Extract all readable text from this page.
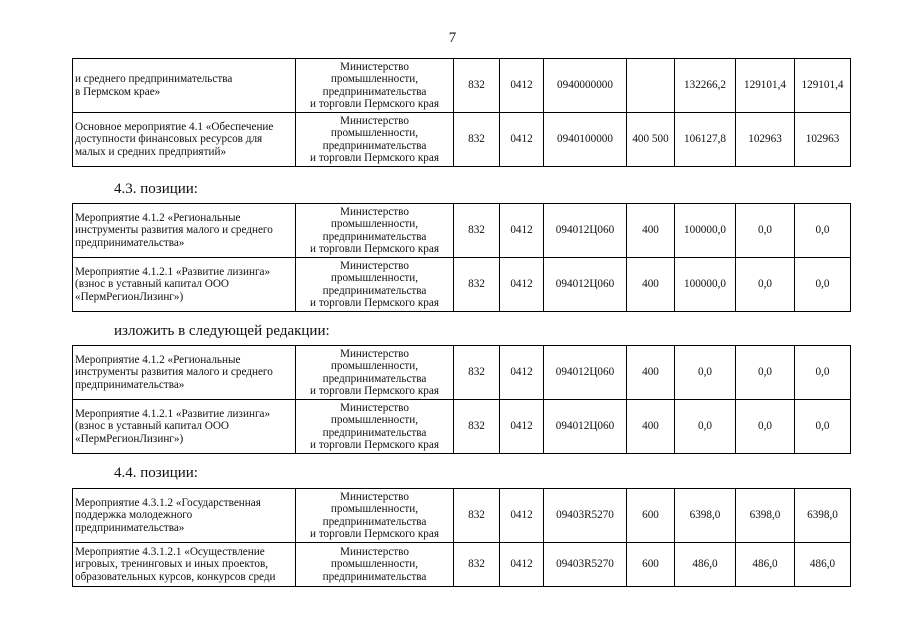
7
и среднего предпринимательства
в Пермском крае»	Министерство
промышленности,
предпринимательства
и торговли Пермского края	832	0412	0940000000		132266,2	129101,4	129101,4
Основное мероприятие 4.1 «Обеспечение доступности финансовых ресурсов для малых и средних предприятий»	Министерство
промышленности,
предпринимательства
и торговли Пермского края	832	0412	0940100000	400 500	106127,8	102963	102963
4.3. позиции:
Мероприятие 4.1.2 «Региональные инструменты развития малого и среднего предпринимательства»	Министерство
промышленности,
предпринимательства
и торговли Пермского края	832	0412	094012Ц060	400	100000,0	0,0	0,0
Мероприятие 4.1.2.1 «Развитие лизинга» (взнос в уставный капитал ООО «ПермРегионЛизинг»)	Министерство
промышленности,
предпринимательства
и торговли Пермского края	832	0412	094012Ц060	400	100000,0	0,0	0,0
изложить в следующей редакции:
Мероприятие 4.1.2 «Региональные инструменты развития малого и среднего предпринимательства»	Министерство
промышленности,
предпринимательства
и торговли Пермского края	832	0412	094012Ц060	400	0,0	0,0	0,0
Мероприятие 4.1.2.1 «Развитие лизинга» (взнос в уставный капитал ООО «ПермРегионЛизинг»)	Министерство
промышленности,
предпринимательства
и торговли Пермского края	832	0412	094012Ц060	400	0,0	0,0	0,0
4.4. позиции:
Мероприятие 4.3.1.2 «Государственная поддержка молодежного предпринимательства»	Министерство
промышленности,
предпринимательства
и торговли Пермского края	832	0412	09403R5270	600	6398,0	6398,0	6398,0
Мероприятие 4.3.1.2.1 «Осуществление игровых, тренинговых и иных проектов, образовательных курсов, конкурсов среди	Министерство
промышленности,
предпринимательства	832	0412	09403R5270	600	486,0	486,0	486,0
